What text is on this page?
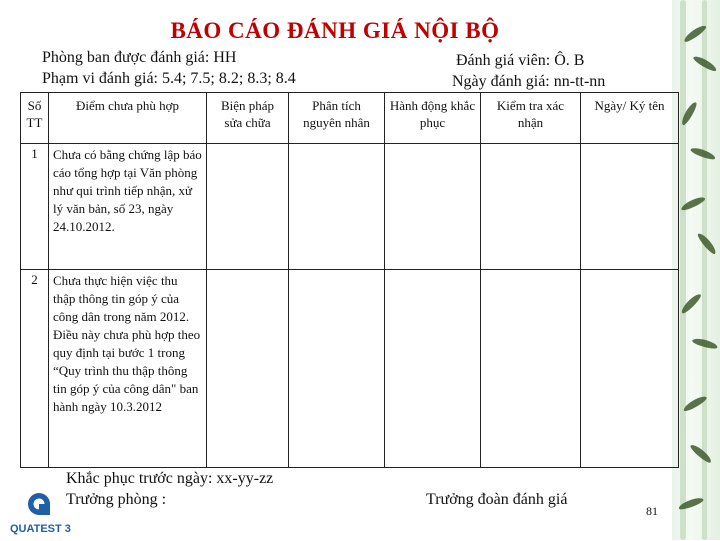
BÁO CÁO ĐÁNH GIÁ NỘI BỘ
Phòng ban được đánh giá: HH
Phạm vi đánh giá: 5.4; 7.5; 8.2; 8.3; 8.4
Đánh giá viên: Ô. B
Ngày đánh giá: nn-tt-nn
Số TT	Điểm chưa phù hợp	Biện pháp sửa chữa	Phân tích nguyên nhân	Hành động khắc phục	Kiểm tra xác nhận	Ngày/ Ký tên
1	Chưa có bằng chứng lập báo cáo tổng hợp tại Văn phòng như qui trình tiếp nhận, xử lý văn bản, số 23, ngày 24.10.2012.					
2	Chưa thực hiện việc thu thập thông tin góp ý của công dân trong năm 2012. Điều này chưa phù hợp theo quy định tại bước 1 trong “Quy trình thu thập thông tin góp ý của công dân" ban hành ngày 10.3.2012					
Khắc phục trước ngày: xx-yy-zz
Trưởng phòng :	Trưởng đoàn đánh giá
QUATEST 3
81
